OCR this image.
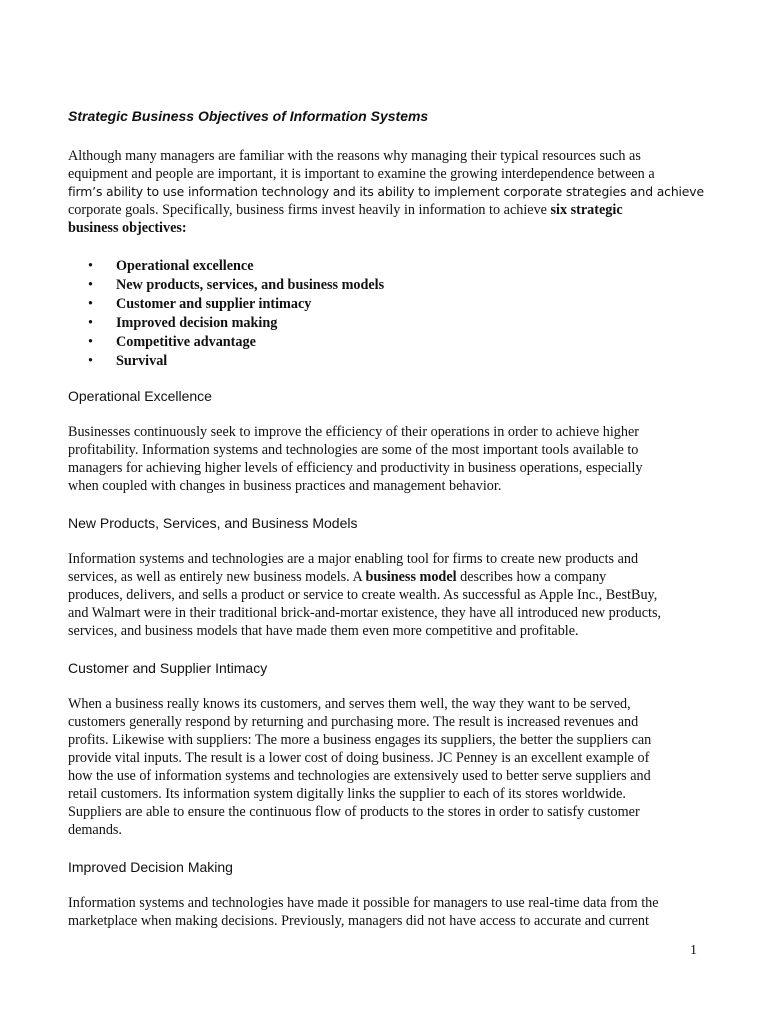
Strategic Business Objectives of Information Systems

Although many managers are familiar with the reasons why managing their typical resources such as
equipment and people are important, it is important to examine the growing interdependence between a
firm’s ability to use information technology and its ability to implement corporate strategies and achieve
corporate goals. Specifically, business firms invest heavily in information to achieve six strategic
business objectives:

• Operational excellence
• New products, services, and business models
• Customer and supplier intimacy
• Improved decision making
• Competitive advantage
• Survival
Operational Excellence

Businesses continuously seek to improve the efficiency of their operations in order to achieve higher
profitability. Information systems and technologies are some of the most important tools available to
managers for achieving higher levels of efficiency and productivity in business operations, especially
when coupled with changes in business practices and management behavior.

New Products, Services, and Business Models

Information systems and technologies are a major enabling tool for firms to create new products and
services, as well as entirely new business models. A business model describes how a company
produces, delivers, and sells a product or service to create wealth. As successful as Apple Inc., BestBuy,
and Walmart were in their traditional brick-and-mortar existence, they have all introduced new products,
services, and business models that have made them even more competitive and profitable.

Customer and Supplier Intimacy

When a business really knows its customers, and serves them well, the way they want to be served,
customers generally respond by returning and purchasing more. The result is increased revenues and
profits. Likewise with suppliers: The more a business engages its suppliers, the better the suppliers can
provide vital inputs. The result is a lower cost of doing business. JC Penney is an excellent example of
how the use of information systems and technologies are extensively used to better serve suppliers and
retail customers. Its information system digitally links the supplier to each of its stores worldwide.
Suppliers are able to ensure the continuous flow of products to the stores in order to satisfy customer
demands.

Improved Decision Making

Information systems and technologies have made it possible for managers to use real-time data from the
marketplace when making decisions. Previously, managers did not have access to accurate and current

1
